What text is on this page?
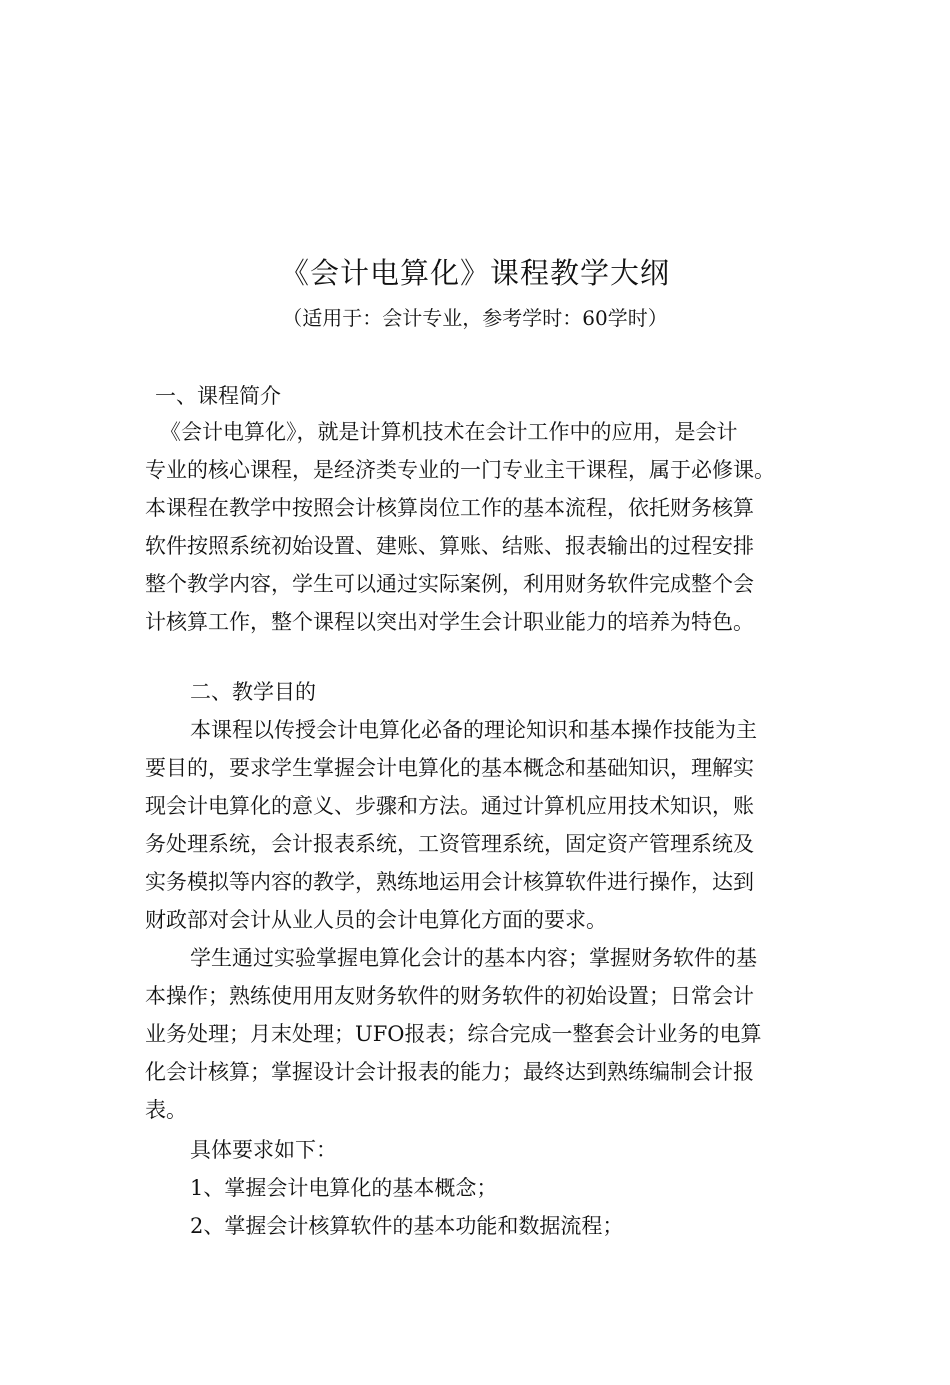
《会计电算化》课程教学大纲
（适用于：会计专业，参考学时：60学时）
一、课程简介
《会计电算化》，就是计算机技术在会计工作中的应用，是会计
专业的核心课程，是经济类专业的一门专业主干课程，属于必修课。
本课程在教学中按照会计核算岗位工作的基本流程，依托财务核算
软件按照系统初始设置、建账、算账、结账、报表输出的过程安排
整个教学内容，学生可以通过实际案例，利用财务软件完成整个会
计核算工作，整个课程以突出对学生会计职业能力的培养为特色。
二、教学目的
本课程以传授会计电算化必备的理论知识和基本操作技能为主
要目的，要求学生掌握会计电算化的基本概念和基础知识，理解实
现会计电算化的意义、步骤和方法。通过计算机应用技术知识，账
务处理系统，会计报表系统，工资管理系统，固定资产管理系统及
实务模拟等内容的教学，熟练地运用会计核算软件进行操作，达到
财政部对会计从业人员的会计电算化方面的要求。
学生通过实验掌握电算化会计的基本内容；掌握财务软件的基
本操作；熟练使用用友财务软件的财务软件的初始设置；日常会计
业务处理；月末处理；UFO报表；综合完成一整套会计业务的电算
化会计核算；掌握设计会计报表的能力；最终达到熟练编制会计报
表。
具体要求如下：
1、掌握会计电算化的基本概念；
2、掌握会计核算软件的基本功能和数据流程；
